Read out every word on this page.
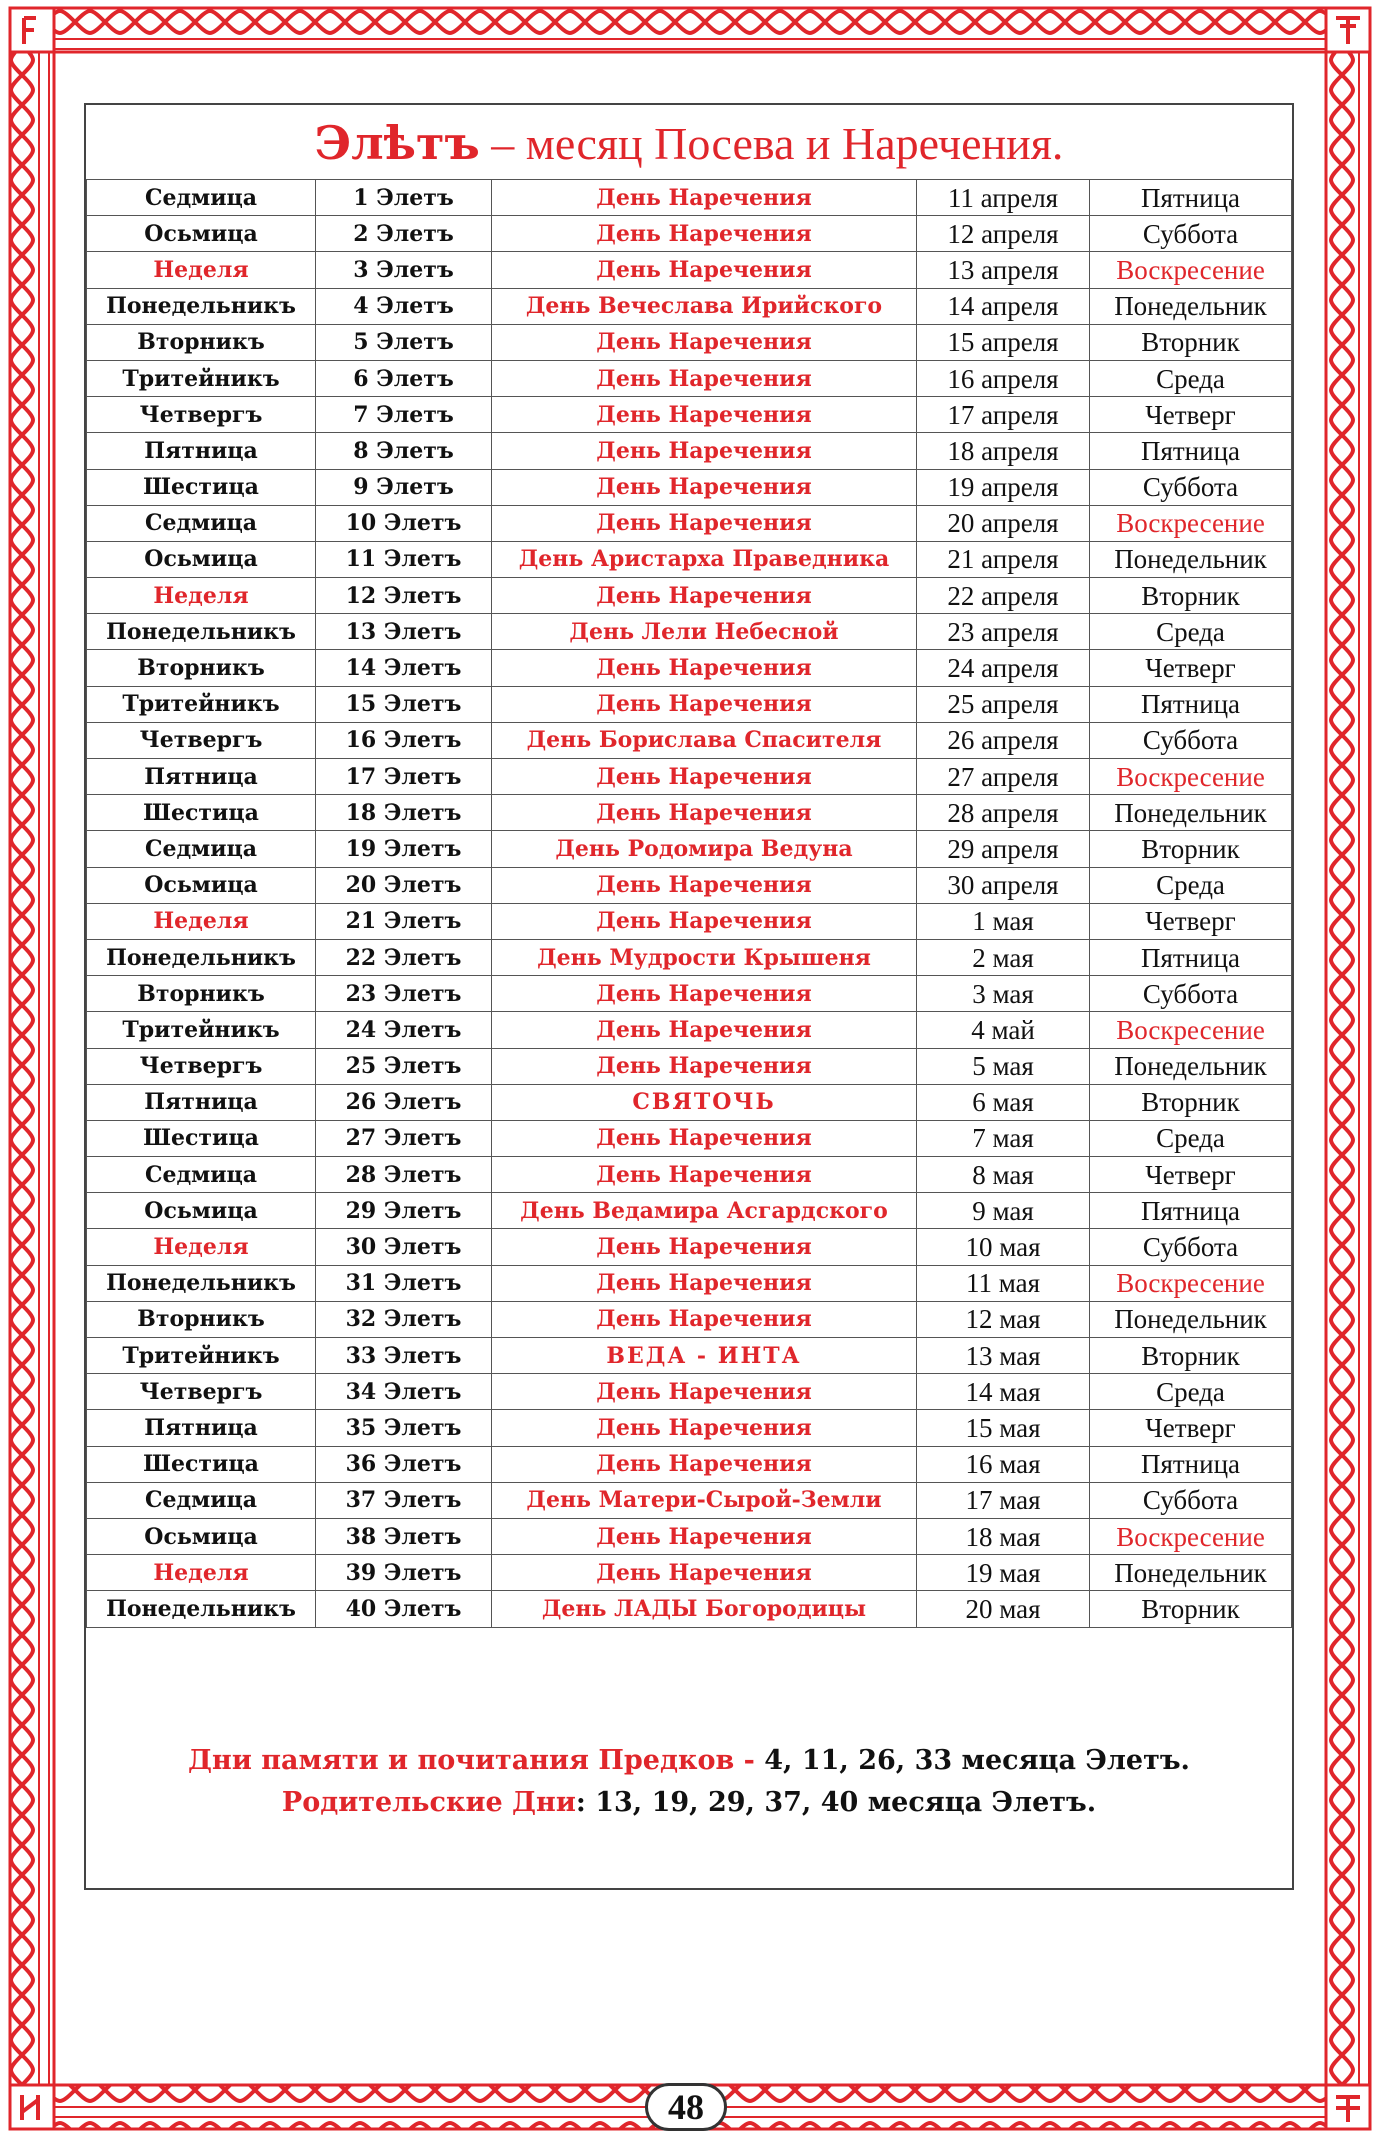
Элѣтъ – месяц Посева и Наречения.
Седмица	1 Элетъ	День Наречения	11 апреля	Пятница
Осьмица	2 Элетъ	День Наречения	12 апреля	Суббота
Неделя	3 Элетъ	День Наречения	13 апреля	Воскресение
Понедельникъ	4 Элетъ	День Вечеслава Ирийского	14 апреля	Понедельник
Вторникъ	5 Элетъ	День Наречения	15 апреля	Вторник
Тритейникъ	6 Элетъ	День Наречения	16 апреля	Среда
Четвергъ	7 Элетъ	День Наречения	17 апреля	Четверг
Пятница	8 Элетъ	День Наречения	18 апреля	Пятница
Шестица	9 Элетъ	День Наречения	19 апреля	Суббота
Седмица	10 Элетъ	День Наречения	20 апреля	Воскресение
Осьмица	11 Элетъ	День Аристарха Праведника	21 апреля	Понедельник
Неделя	12 Элетъ	День Наречения	22 апреля	Вторник
Понедельникъ	13 Элетъ	День Лели Небесной	23 апреля	Среда
Вторникъ	14 Элетъ	День Наречения	24 апреля	Четверг
Тритейникъ	15 Элетъ	День Наречения	25 апреля	Пятница
Четвергъ	16 Элетъ	День Борислава Спасителя	26 апреля	Суббота
Пятница	17 Элетъ	День Наречения	27 апреля	Воскресение
Шестица	18 Элетъ	День Наречения	28 апреля	Понедельник
Седмица	19 Элетъ	День Родомира Ведуна	29 апреля	Вторник
Осьмица	20 Элетъ	День Наречения	30 апреля	Среда
Неделя	21 Элетъ	День Наречения	1 мая	Четверг
Понедельникъ	22 Элетъ	День Мудрости Крышеня	2 мая	Пятница
Вторникъ	23 Элетъ	День Наречения	3 мая	Суббота
Тритейникъ	24 Элетъ	День Наречения	4 май	Воскресение
Четвергъ	25 Элетъ	День Наречения	5 мая	Понедельник
Пятница	26 Элетъ	СВЯТОЧЬ	6 мая	Вторник
Шестица	27 Элетъ	День Наречения	7 мая	Среда
Седмица	28 Элетъ	День Наречения	8 мая	Четверг
Осьмица	29 Элетъ	День Ведамира Асгардского	9 мая	Пятница
Неделя	30 Элетъ	День Наречения	10 мая	Суббота
Понедельникъ	31 Элетъ	День Наречения	11 мая	Воскресение
Вторникъ	32 Элетъ	День Наречения	12 мая	Понедельник
Тритейникъ	33 Элетъ	ВЕДА - ИНТА	13 мая	Вторник
Четвергъ	34 Элетъ	День Наречения	14 мая	Среда
Пятница	35 Элетъ	День Наречения	15 мая	Четверг
Шестица	36 Элетъ	День Наречения	16 мая	Пятница
Седмица	37 Элетъ	День Матери-Сырой-Земли	17 мая	Суббота
Осьмица	38 Элетъ	День Наречения	18 мая	Воскресение
Неделя	39 Элетъ	День Наречения	19 мая	Понедельник
Понедельникъ	40 Элетъ	День ЛАДЫ Богородицы	20 мая	Вторник
Дни памяти и почитания Предков - 4, 11, 26, 33 месяца Элетъ.
Родительские Дни: 13, 19, 29, 37, 40 месяца Элетъ.
48
